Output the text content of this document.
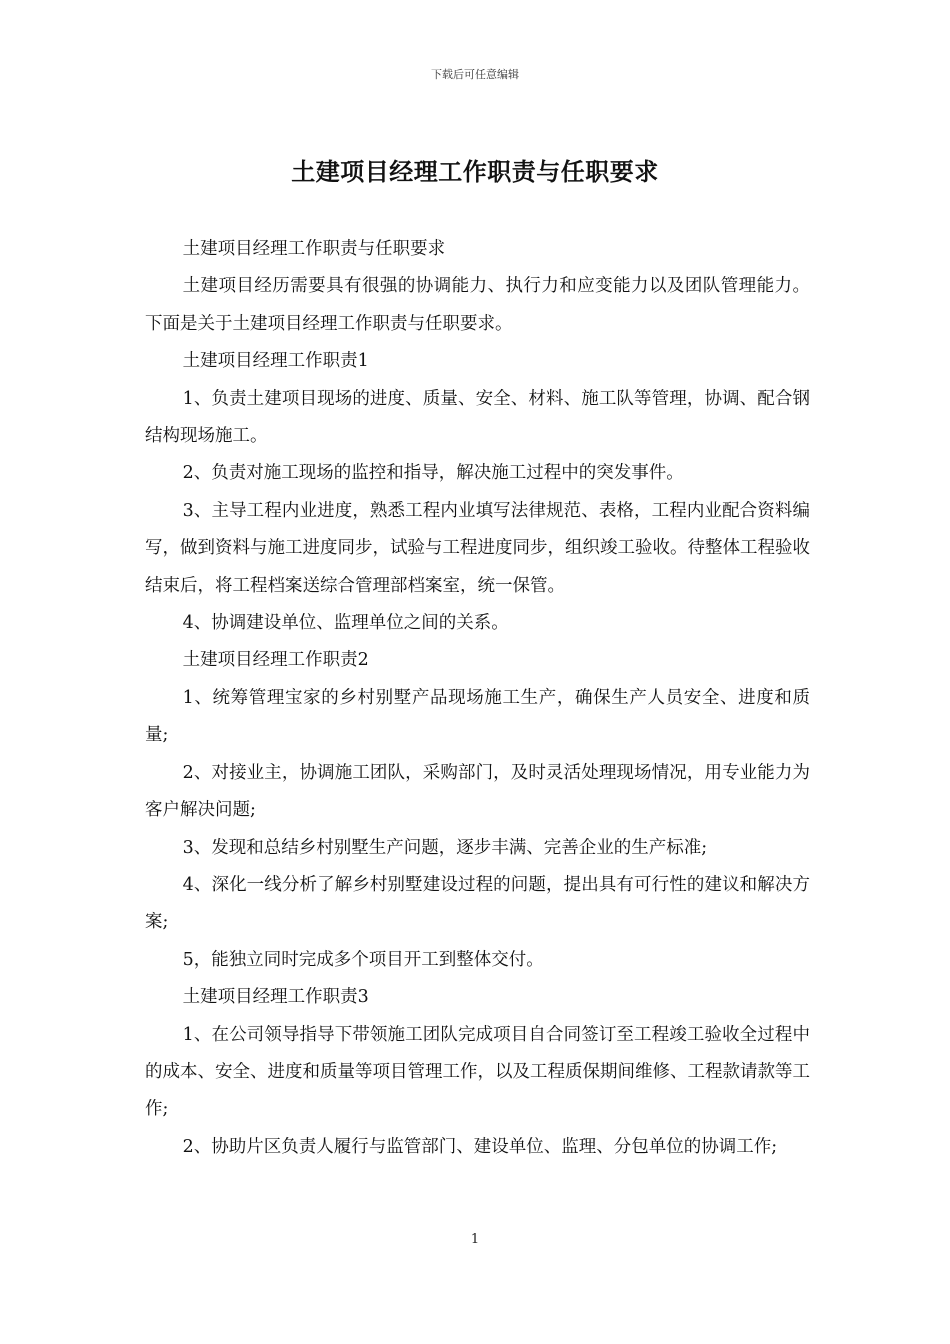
下载后可任意编辑
土建项目经理工作职责与任职要求

土建项目经理工作职责与任职要求

土建项目经历需要具有很强的协调能力、执行力和应变能力以及团队管理能力。下面是关于土建项目经理工作职责与任职要求。

土建项目经理工作职责1

1、负责土建项目现场的进度、质量、安全、材料、施工队等管理，协调、配合钢结构现场施工。

2、负责对施工现场的监控和指导，解决施工过程中的突发事件。

3、主导工程内业进度，熟悉工程内业填写法律规范、表格，工程内业配合资料编写，做到资料与施工进度同步，试验与工程进度同步，组织竣工验收。待整体工程验收结束后，将工程档案送综合管理部档案室，统一保管。

4、协调建设单位、监理单位之间的关系。

土建项目经理工作职责2

1、统筹管理宝家的乡村别墅产品现场施工生产，确保生产人员安全、进度和质量;

2、对接业主，协调施工团队，采购部门，及时灵活处理现场情况，用专业能力为客户解决问题;

3、发现和总结乡村别墅生产问题，逐步丰满、完善企业的生产标准;

4、深化一线分析了解乡村别墅建设过程的问题，提出具有可行性的建议和解决方案;

5，能独立同时完成多个项目开工到整体交付。

土建项目经理工作职责3

1、在公司领导指导下带领施工团队完成项目自合同签订至工程竣工验收全过程中的成本、安全、进度和质量等项目管理工作，以及工程质保期间维修、工程款请款等工作;

2、协助片区负责人履行与监管部门、建设单位、监理、分包单位的协调工作;

1
